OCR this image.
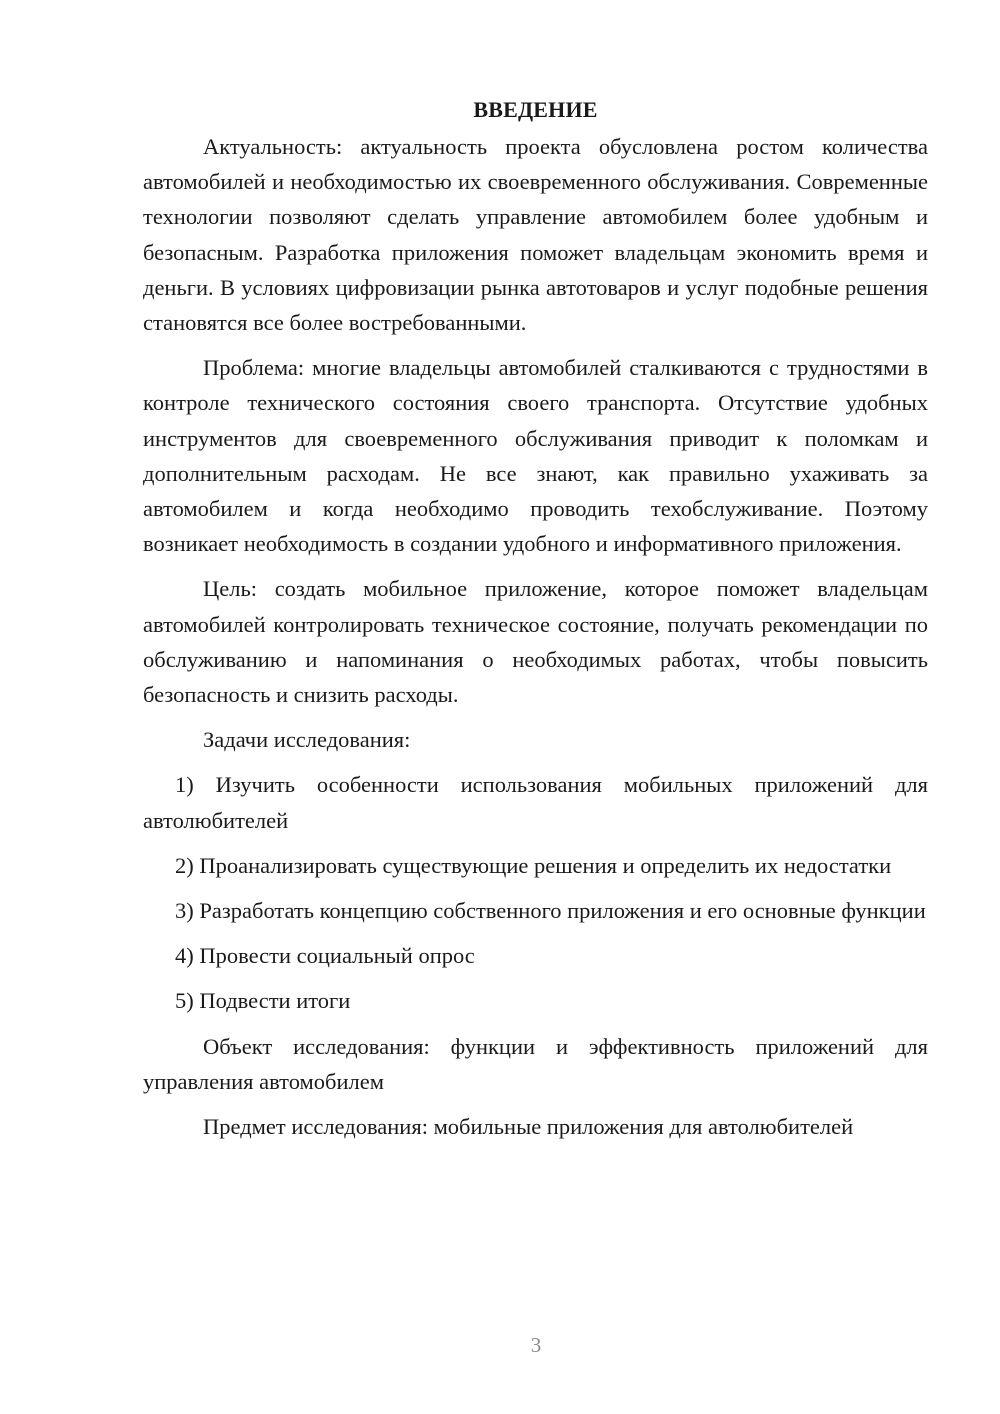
ВВЕДЕНИЕ

Актуальность: актуальность проекта обусловлена ростом количества автомобилей и необходимостью их своевременного обслуживания. Современные технологии позволяют сделать управление автомобилем более удобным и безопасным. Разработка приложения поможет владельцам экономить время и деньги. В условиях цифровизации рынка автотоваров и услуг подобные решения становятся все более востребованными.

Проблема: многие владельцы автомобилей сталкиваются с трудностями в контроле технического состояния своего транспорта. Отсутствие удобных инструментов для своевременного обслуживания приводит к поломкам и дополнительным расходам. Не все знают, как правильно ухаживать за автомобилем и когда необходимо проводить техобслуживание. Поэтому возникает необходимость в создании удобного и информативного приложения.

Цель: создать мобильное приложение, которое поможет владельцам автомобилей контролировать техническое состояние, получать рекомендации по обслуживанию и напоминания о необходимых работах, чтобы повысить безопасность и снизить расходы.

Задачи исследования:

1) Изучить особенности использования мобильных приложений для автолюбителей

2) Проанализировать существующие решения и определить их недостатки

3) Разработать концепцию собственного приложения и его основные функции

4) Провести социальный опрос

5) Подвести итоги

Объект исследования: функции и эффективность приложений для управления автомобилем

Предмет исследования: мобильные приложения для автолюбителей

3
